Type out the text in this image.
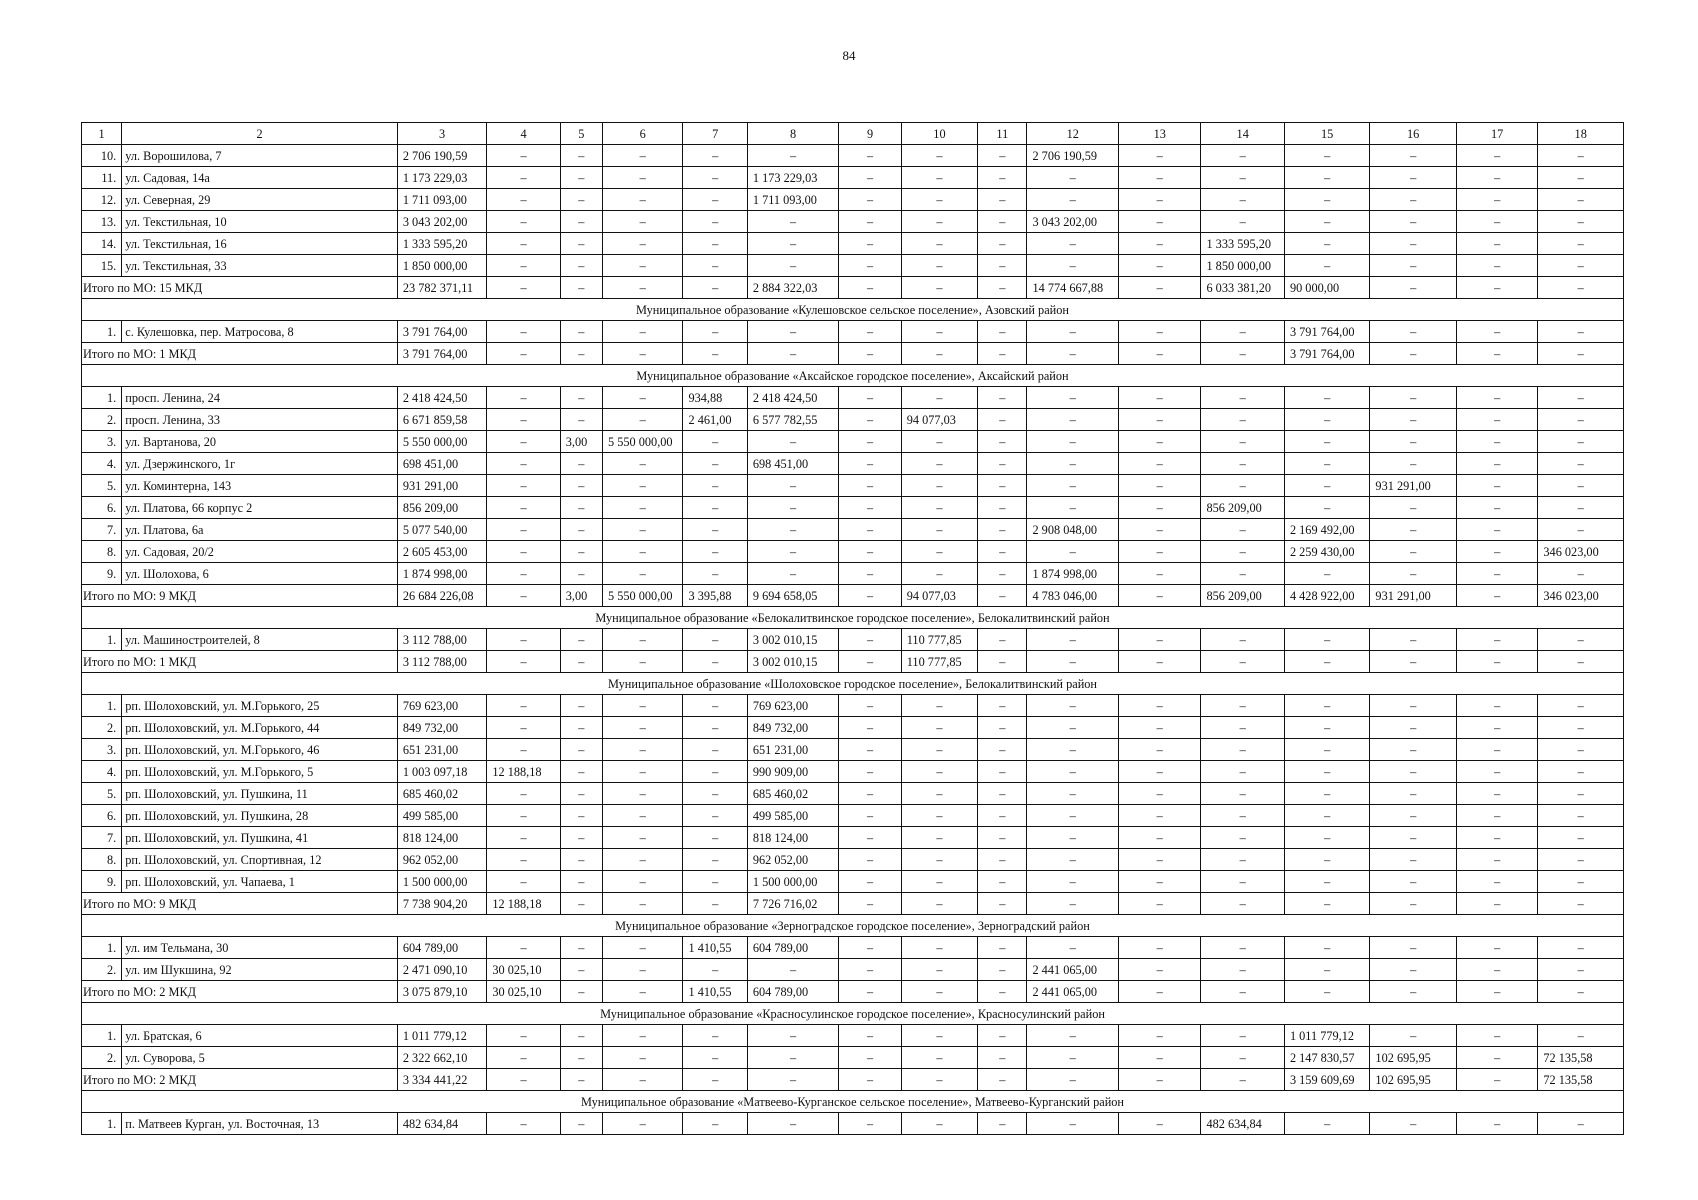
84
1	2	3	4	5	6	7	8	9	10	11	12	13	14	15	16	17	18
10.	ул. Ворошилова, 7	2 706 190,59	–	–	–	–	–	–	–	–	2 706 190,59	–	–	–	–	–	–
11.	ул. Садовая, 14а	1 173 229,03	–	–	–	–	1 173 229,03	–	–	–	–	–	–	–	–	–	–
12.	ул. Северная, 29	1 711 093,00	–	–	–	–	1 711 093,00	–	–	–	–	–	–	–	–	–	–
13.	ул. Текстильная, 10	3 043 202,00	–	–	–	–	–	–	–	–	3 043 202,00	–	–	–	–	–	–
14.	ул. Текстильная, 16	1 333 595,20	–	–	–	–	–	–	–	–	–	–	1 333 595,20	–	–	–	–
15.	ул. Текстильная, 33	1 850 000,00	–	–	–	–	–	–	–	–	–	–	1 850 000,00	–	–	–	–
Итого по МО: 15 МКД		23 782 371,11	–	–	–	–	2 884 322,03	–	–	–	14 774 667,88	–	6 033 381,20	90 000,00	–	–	–
Муниципальное образование «Кулешовское сельское поселение», Азовский район																	
1.	с. Кулешовка, пер. Матросова, 8	3 791 764,00	–	–	–	–	–	–	–	–	–	–	–	3 791 764,00	–	–	–
Итого по МО: 1 МКД		3 791 764,00	–	–	–	–	–	–	–	–	–	–	–	3 791 764,00	–	–	–
Муниципальное образование «Аксайское городское поселение», Аксайский район																	
1.	просп. Ленина, 24	2 418 424,50	–	–	–	934,88	2 418 424,50	–	–	–	–	–	–	–	–	–	–
2.	просп. Ленина, 33	6 671 859,58	–	–	–	2 461,00	6 577 782,55	–	94 077,03	–	–	–	–	–	–	–	–
3.	ул. Вартанова, 20	5 550 000,00	–	3,00	5 550 000,00	–	–	–	–	–	–	–	–	–	–	–	–
4.	ул. Дзержинского, 1г	698 451,00	–	–	–	–	698 451,00	–	–	–	–	–	–	–	–	–	–
5.	ул. Коминтерна, 143	931 291,00	–	–	–	–	–	–	–	–	–	–	–	–	931 291,00	–	–
6.	ул. Платова, 66 корпус 2	856 209,00	–	–	–	–	–	–	–	–	–	–	856 209,00	–	–	–	–
7.	ул. Платова, 6а	5 077 540,00	–	–	–	–	–	–	–	–	2 908 048,00	–	–	2 169 492,00	–	–	–
8.	ул. Садовая, 20/2	2 605 453,00	–	–	–	–	–	–	–	–	–	–	–	2 259 430,00	–	–	346 023,00
9.	ул. Шолохова, 6	1 874 998,00	–	–	–	–	–	–	–	–	1 874 998,00	–	–	–	–	–	–
Итого по МО: 9 МКД		26 684 226,08	–	3,00	5 550 000,00	3 395,88	9 694 658,05	–	94 077,03	–	4 783 046,00	–	856 209,00	4 428 922,00	931 291,00	–	346 023,00
Муниципальное образование «Белокалитвинское городское поселение», Белокалитвинский район																	
1.	ул. Машиностроителей, 8	3 112 788,00	–	–	–	–	3 002 010,15	–	110 777,85	–	–	–	–	–	–	–	–
Итого по МО: 1 МКД		3 112 788,00	–	–	–	–	3 002 010,15	–	110 777,85	–	–	–	–	–	–	–	–
Муниципальное образование «Шолоховское городское поселение», Белокалитвинский район																	
1.	рп. Шолоховский, ул. М.Горького, 25	769 623,00	–	–	–	–	769 623,00	–	–	–	–	–	–	–	–	–	–
2.	рп. Шолоховский, ул. М.Горького, 44	849 732,00	–	–	–	–	849 732,00	–	–	–	–	–	–	–	–	–	–
3.	рп. Шолоховский, ул. М.Горького, 46	651 231,00	–	–	–	–	651 231,00	–	–	–	–	–	–	–	–	–	–
4.	рп. Шолоховский, ул. М.Горького, 5	1 003 097,18	12 188,18	–	–	–	990 909,00	–	–	–	–	–	–	–	–	–	–
5.	рп. Шолоховский, ул. Пушкина, 11	685 460,02	–	–	–	–	685 460,02	–	–	–	–	–	–	–	–	–	–
6.	рп. Шолоховский, ул. Пушкина, 28	499 585,00	–	–	–	–	499 585,00	–	–	–	–	–	–	–	–	–	–
7.	рп. Шолоховский, ул. Пушкина, 41	818 124,00	–	–	–	–	818 124,00	–	–	–	–	–	–	–	–	–	–
8.	рп. Шолоховский, ул. Спортивная, 12	962 052,00	–	–	–	–	962 052,00	–	–	–	–	–	–	–	–	–	–
9.	рп. Шолоховский, ул. Чапаева, 1	1 500 000,00	–	–	–	–	1 500 000,00	–	–	–	–	–	–	–	–	–	–
Итого по МО: 9 МКД		7 738 904,20	12 188,18	–	–	–	7 726 716,02	–	–	–	–	–	–	–	–	–	–
Муниципальное образование «Зерноградское городское поселение», Зерноградский район																	
1.	ул. им Тельмана, 30	604 789,00	–	–	–	1 410,55	604 789,00	–	–	–	–	–	–	–	–	–	–
2.	ул. им Шукшина, 92	2 471 090,10	30 025,10	–	–	–	–	–	–	–	2 441 065,00	–	–	–	–	–	–
Итого по МО: 2 МКД		3 075 879,10	30 025,10	–	–	1 410,55	604 789,00	–	–	–	2 441 065,00	–	–	–	–	–	–
Муниципальное образование «Красносулинское городское поселение», Красносулинский район																	
1.	ул. Братская, 6	1 011 779,12	–	–	–	–	–	–	–	–	–	–	–	1 011 779,12	–	–	–
2.	ул. Суворова, 5	2 322 662,10	–	–	–	–	–	–	–	–	–	–	–	2 147 830,57	102 695,95	–	72 135,58
Итого по МО: 2 МКД		3 334 441,22	–	–	–	–	–	–	–	–	–	–	–	3 159 609,69	102 695,95	–	72 135,58
Муниципальное образование «Матвеево-Курганское сельское поселение», Матвеево-Курганский район																	
1.	п. Матвеев Курган, ул. Восточная, 13	482 634,84	–	–	–	–	–	–	–	–	–	–	482 634,84	–	–	–	–
